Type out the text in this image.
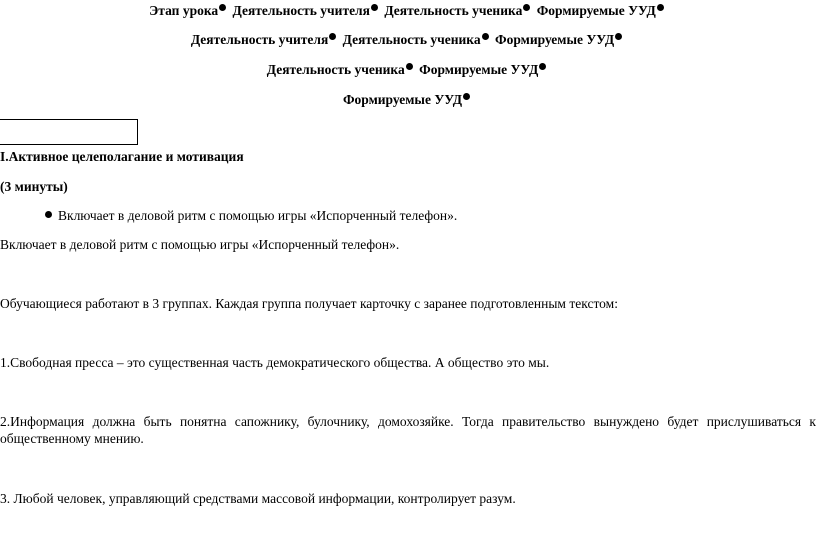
Этап урока Деятельность учителя Деятельность ученика Формируемые УУД
Деятельность учителя Деятельность ученика Формируемые УУД
Деятельность ученика Формируемые УУД
Формируемые УУД
I.Активное целеполагание и мотивация
(3 минуты)
Включает в деловой ритм с помощью игры «Испорченный телефон».
Включает в деловой ритм с помощью игры «Испорченный телефон».
Обучающиеся работают в 3 группах. Каждая группа получает карточку с заранее подготовленным текстом:
1.Свободная пресса – это существенная часть демократического общества. А общество это мы.
2.Информация должна быть понятна сапожнику, булочнику, домохозяйке. Тогда правительство вынуждено будет прислушиваться к общественному мнению.
3. Любой человек, управляющий средствами массовой информации, контролирует разум.
